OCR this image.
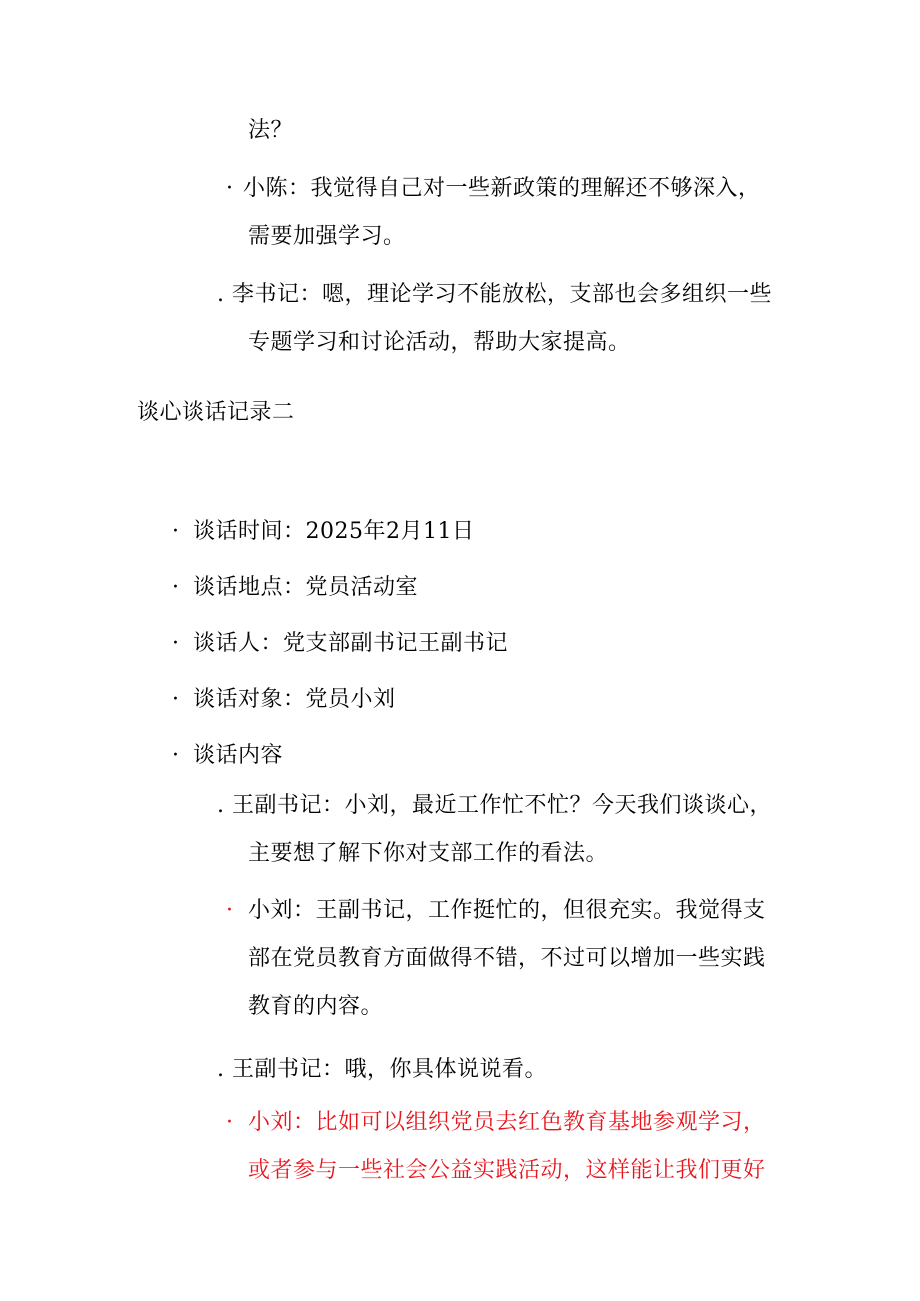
法？
· 小陈：我觉得自己对一些新政策的理解还不够深入，
需要加强学习。
. 李书记：嗯，理论学习不能放松，支部也会多组织一些
专题学习和讨论活动，帮助大家提高。
谈心谈话记录二
· 谈话时间：2025年2月11日
· 谈话地点：党员活动室
· 谈话人：党支部副书记王副书记
· 谈话对象：党员小刘
· 谈话内容
. 王副书记：小刘，最近工作忙不忙？今天我们谈谈心，
主要想了解下你对支部工作的看法。
· 小刘：王副书记，工作挺忙的，但很充实。我觉得支
部在党员教育方面做得不错，不过可以增加一些实践
教育的内容。
. 王副书记：哦，你具体说说看。
· 小刘：比如可以组织党员去红色教育基地参观学习，
或者参与一些社会公益实践活动，这样能让我们更好
